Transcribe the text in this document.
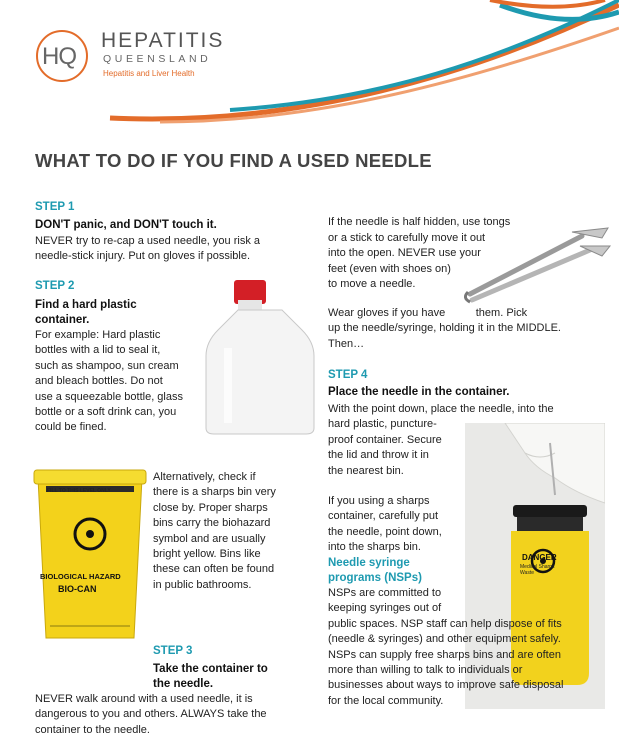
HQ
HEPATITIS
QUEENSLAND
Hepatitis and Liver Health
WHAT TO DO IF YOU FIND A USED NEEDLE
STEP 1
DON'T panic, and DON'T touch it.
NEVER try to re-cap a used needle, you risk a
needle-stick injury. Put on gloves if possible.
STEP 2
Find a hard plastic
container.
For example: Hard plastic
bottles with a lid to seal it,
such as shampoo, sun cream
and bleach bottles. Do not
use a squeezable bottle, glass
bottle or a soft drink can, you
could be fined.
Alternatively, check if
there is a sharps bin very
close by. Proper sharps
bins carry the biohazard
symbol and are usually
bright yellow. Bins like
these can often be found
in public bathrooms.
FILL TO THIS LEVEL ONLY
BIOLOGICAL HAZARD
BIO-CAN
STEP 3
Take the container to
the needle.
NEVER walk around with a used needle, it is
dangerous to you and others. ALWAYS take the
container to the needle.
If the needle is half hidden, use tongs
or a stick to carefully move it out
into the open. NEVER use your
feet (even with shoes on)
to move a needle.
Wear gloves if you have          them. Pick
up the needle/syringe, holding it in the MIDDLE.
Then…
STEP 4
Place the needle in the container.
With the point down, place the needle, into the
hard plastic, puncture-
proof container. Secure
the lid and throw it in
the nearest bin.
If you using a sharps
container, carefully put
the needle, point down,
into the sharps bin.
DANGER
Medical Sharps Waste
Needle syringe
programs (NSPs)
NSPs are committed to
keeping syringes out of
public spaces. NSP staff can help dispose of fits
(needle & syringes) and other equipment safely.
NSPs can supply free sharps bins and are often
more than willing to talk to individuals or
businesses about ways to improve safe disposal
for the local community.
